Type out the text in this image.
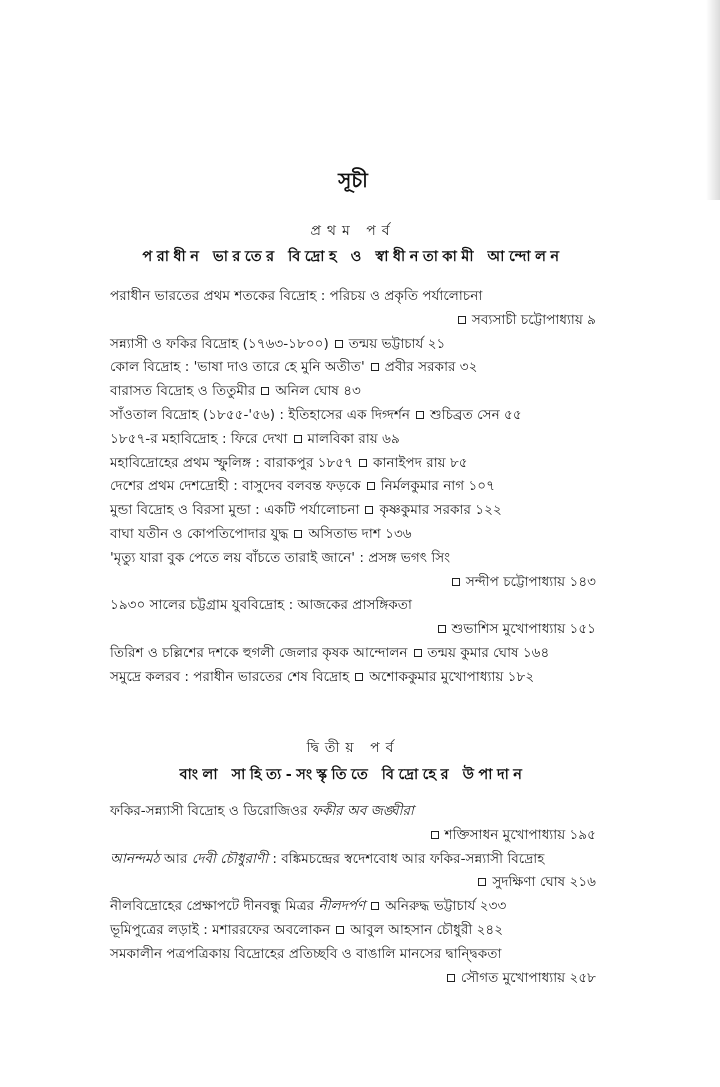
সূচী
প্রথম পর্ব
পরাধীন ভারতের বিদ্রোহ ও স্বাধীনতাকামী আন্দোলন
পরাধীন ভারতের প্রথম শতকের বিদ্রোহ : পরিচয় ও প্রকৃতি পর্যালোচনা
সব্যসাচী চট্টোপাধ্যায় ৯
সন্ন্যাসী ও ফকির বিদ্রোহ (১৭৬৩-১৮০০) তন্ময় ভট্টাচার্য ২১
কোল বিদ্রোহ : 'ভাষা দাও তারে হে মুনি অতীত' প্রবীর সরকার ৩২
বারাসত বিদ্রোহ ও তিতুমীর অনিল ঘোষ ৪৩
সাঁওতাল বিদ্রোহ (১৮৫৫-'৫৬) : ইতিহাসের এক দিগ্দর্শন শুচিব্রত সেন ৫৫
১৮৫৭-র মহাবিদ্রোহ : ফিরে দেখা মালবিকা রায় ৬৯
মহাবিদ্রোহের প্রথম স্ফুলিঙ্গ : বারাকপুর ১৮৫৭ কানাইপদ রায় ৮৫
দেশের প্রথম দেশদ্রোহী : বাসুদেব বলবন্ত ফড়কে নির্মলকুমার নাগ ১০৭
মুন্ডা বিদ্রোহ ও বিরসা মুন্ডা : একটি পর্যালোচনা কৃষ্ণকুমার সরকার ১২২
বাঘা যতীন ও কোপতিপোদার যুদ্ধ অসিতাভ দাশ ১৩৬
'মৃত্যু যারা বুক পেতে লয় বাঁচতে তারাই জানে' : প্রসঙ্গ ভগৎ সিং
সন্দীপ চট্টোপাধ্যায় ১৪৩
১৯৩০ সালের চট্টগ্রাম যুববিদ্রোহ : আজকের প্রাসঙ্গিকতা
শুভাশিস মুখোপাধ্যায় ১৫১
তিরিশ ও চল্লিশের দশকে হুগলী জেলার কৃষক আন্দোলন তন্ময় কুমার ঘোষ ১৬৪
সমুদ্রে কলরব : পরাধীন ভারতের শেষ বিদ্রোহ অশোককুমার মুখোপাধ্যায় ১৮২
দ্বিতীয় পর্ব
বাংলা সাহিত্য-সংস্কৃতিতে বিদ্রোহের উপাদান
ফকির-সন্ন্যাসী বিদ্রোহ ও ডিরোজিওর ফকীর অব জঙ্ঘীরা
শক্তিসাধন মুখোপাধ্যায় ১৯৫
আনন্দমঠ আর দেবী চৌধুরাণী : বঙ্কিমচন্দ্রের স্বদেশবোধ আর ফকির-সন্ন্যাসী বিদ্রোহ
সুদক্ষিণা ঘোষ ২১৬
নীলবিদ্রোহের প্রেক্ষাপটে দীনবন্ধু মিত্রর নীলদর্পণ অনিরুদ্ধ ভট্টাচার্য ২৩৩
ভূমিপুত্রের লড়াই : মশাররফের অবলোকন আবুল আহসান চৌধুরী ২৪২
সমকালীন পত্রপত্রিকায় বিদ্রোহের প্রতিচ্ছবি ও বাঙালি মানসের দ্বান্দ্বিকতা
সৌগত মুখোপাধ্যায় ২৫৮
